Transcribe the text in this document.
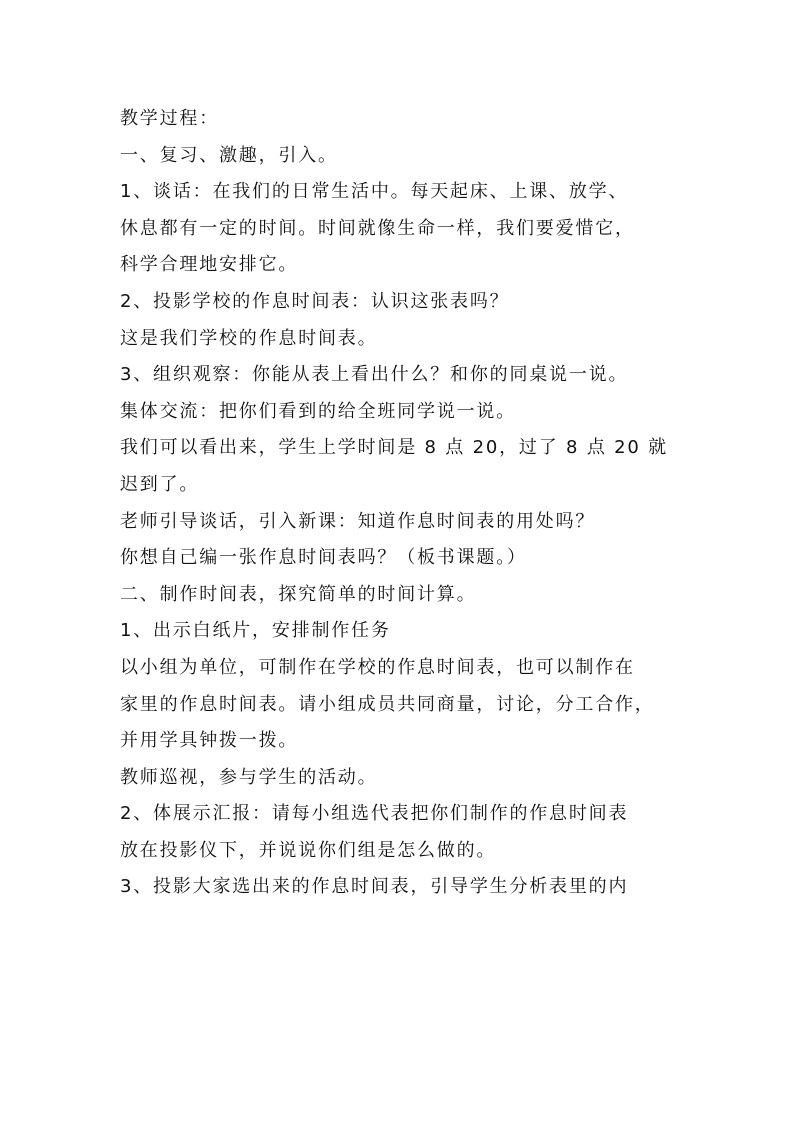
教学过程：
一、复习、激趣，引入。
1、谈话：在我们的日常生活中。每天起床、上课、放学、
休息都有一定的时间。时间就像生命一样，我们要爱惜它，
科学合理地安排它。
2、投影学校的作息时间表：认识这张表吗？
这是我们学校的作息时间表。
3、组织观察：你能从表上看出什么？和你的同桌说一说。
集体交流：把你们看到的给全班同学说一说。
我们可以看出来，学生上学时间是 8 点 20，过了 8 点 20 就
迟到了。
老师引导谈话，引入新课：知道作息时间表的用处吗？
你想自己编一张作息时间表吗？（板书课题。）
二、制作时间表，探究简单的时间计算。
1、出示白纸片，安排制作任务
以小组为单位，可制作在学校的作息时间表，也可以制作在
家里的作息时间表。请小组成员共同商量，讨论，分工合作，
并用学具钟拨一拨。
教师巡视，参与学生的活动。
2、体展示汇报：请每小组选代表把你们制作的作息时间表
放在投影仪下，并说说你们组是怎么做的。
3、投影大家选出来的作息时间表，引导学生分析表里的内
